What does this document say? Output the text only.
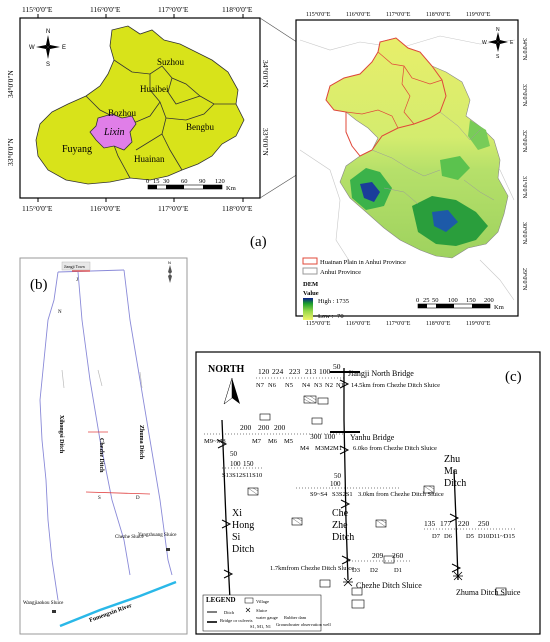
115°0'0"E	116°0'0"E	117°0'0"E	118°0'0"E
115°0'0"E	116°0'0"E	117°0'0"E	118°0'0"E
34°0'0"N
33°0'0"N
34°0'0"N
33°0'0"N
Suzhou
Huaibei
Bozhou
Lixin	Bengbu
Fuyang
Huainan
N
S
W	E
0 15 30 60 90 120
Km
(a)
115°0'0"E	116°0'0"E	117°0'0"E	118°0'0"E	119°0'0"E
115°0'0"E	116°0'0"E	117°0'0"E	118°0'0"E	119°0'0"E
34°0'0"N
33°0'0"N
32°0'0"N
31°0'0"N
30°0'0"N
29°0'0"N
N
S
W	E
Huainan Plain in Anhui Province
Anhui Province
DEM
Value
High : 1735
Low : -70
0 25 50 100 150 200
Km
(b)
Jiangji Town
N
J
N
S	D
Xihongsi Ditch
Chezhe Ditch	Zhuma Ditch
Chezhe Sluice
Yangzhuang Sluice
Wangjiaokou Sluice	Fumengxin River
(c)
NORTH 120 224 223 213 100
50
Jiangji North Bridge
N7 N6 N5 N4 N3 N2 N1 14.5km from Chezhe Ditch Sluice
200 200 200
300 100 Yanhu Bridge
M9~M8	M7 M6 M5
M4 M3M2M1 6.0ko from Chezhe Ditch Sluice
50
100 150
S13S12S11S10	50
100
S9~S4 S3S2S1 3.0km from Chezhe Ditch Sluice
Xi
Hong
Si
Ditch
Che
Zhe
Ditch
Zhu
Ma
Ditch
135 177 220 250
D7 D6 D5 D10D11~D15
209 260
D3 D2 D1
1.7kmfrom Chezhe Ditch Sluice
Chezhe Ditch Sluice
Zhuma Ditch Sluice
LEGEND	Village
Ditch
Bridge or culverts
Sluice
water gauge Rubber dam
S1, M1, N1 Groundwater observation well
